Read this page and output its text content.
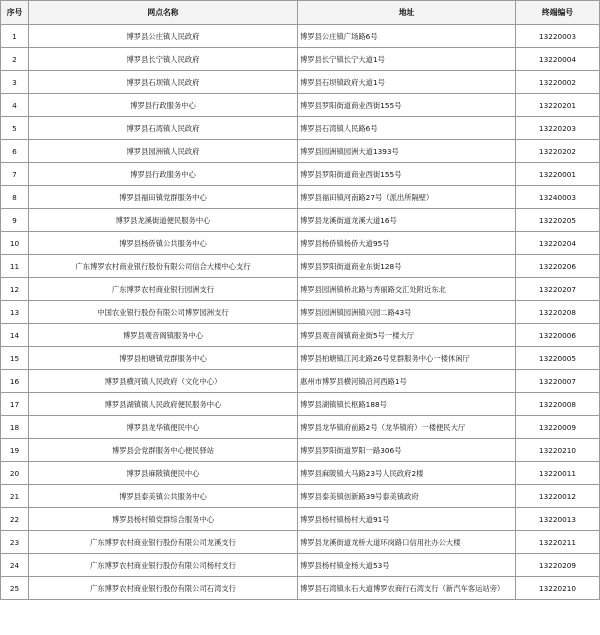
序号	网点名称	地址	终端编号
1	博罗县公庄镇人民政府	博罗县公庄镇广场路6号	13220003
2	博罗县长宁镇人民政府	博罗县长宁镇长宁大道1号	13220004
3	博罗县石坝镇人民政府	博罗县石坝镇政府大道1号	13220002
4	博罗县行政服务中心	博罗县罗阳街道商业西街155号	13220201
5	博罗县石湾镇人民政府	博罗县石湾镇人民路6号	13220203
6	博罗县园洲镇人民政府	博罗县园洲镇园洲大道1393号	13220202
7	博罗县行政服务中心	博罗县罗阳街道商业西街155号	13220001
8	博罗县福田镇党群服务中心	博罗县福田镇河南路27号（派出所隔壁）	13240003
9	博罗县龙溪街道便民服务中心	博罗县龙溪街道龙溪大道16号	13220205
10	博罗县杨侨镇公共服务中心	博罗县杨侨镇杨侨大道95号	13220204
11	广东博罗农村商业银行股份有限公司信合大楼中心支行	博罗县罗阳街道商业东街128号	13220206
12	广东博罗农村商业银行园洲支行	博罗县园洲镇桥北路与秀丽路交汇处附近东北	13220207
13	中国农业银行股份有限公司博罗园洲支行	博罗县园洲镇园洲镇兴园二路43号	13220208
14	博罗县观音阁镇服务中心	博罗县观音阁镇商业街5号一楼大厅	13220006
15	博罗县柏塘镇党群服务中心	博罗县柏塘镇江河北路26号党群服务中心一楼休闲厅	13220005
16	博罗县横河镇人民政府（文化中心）	惠州市博罗县横河镇沿河西路1号	13220007
17	博罗县湖镇镇人民政府便民服务中心	博罗县湖镇镇长枢路188号	13220008
18	博罗县龙华镇便民中心	博罗县龙华镇府前路2号（龙华镇府）一楼便民大厅	13220009
19	博罗县会党群服务中心便民驿站	博罗县罗阳街道罗阳一路306号	13220210
20	博罗县麻陂镇便民中心	博罗县麻陂镇大马路23号人民政府2楼	13220011
21	博罗县泰美镇公共服务中心	博罗县泰美镇创新路39号泰美镇政府	13220012
22	博罗县杨村镇党群综合服务中心	博罗县杨村镇杨村大道91号	13220013
23	广东博罗农村商业银行股份有限公司龙溪支行	博罗县龙溪街道龙桥大道环岗路口信用社办公大楼	13220211
24	广东博罗农村商业银行股份有限公司杨村支行	博罗县杨村镇金杨大道53号	13220209
25	广东博罗农村商业银行股份有限公司石湾支行	博罗县石湾镇永石大道博罗农商行石湾支行（新汽车客运站旁）	13220210
